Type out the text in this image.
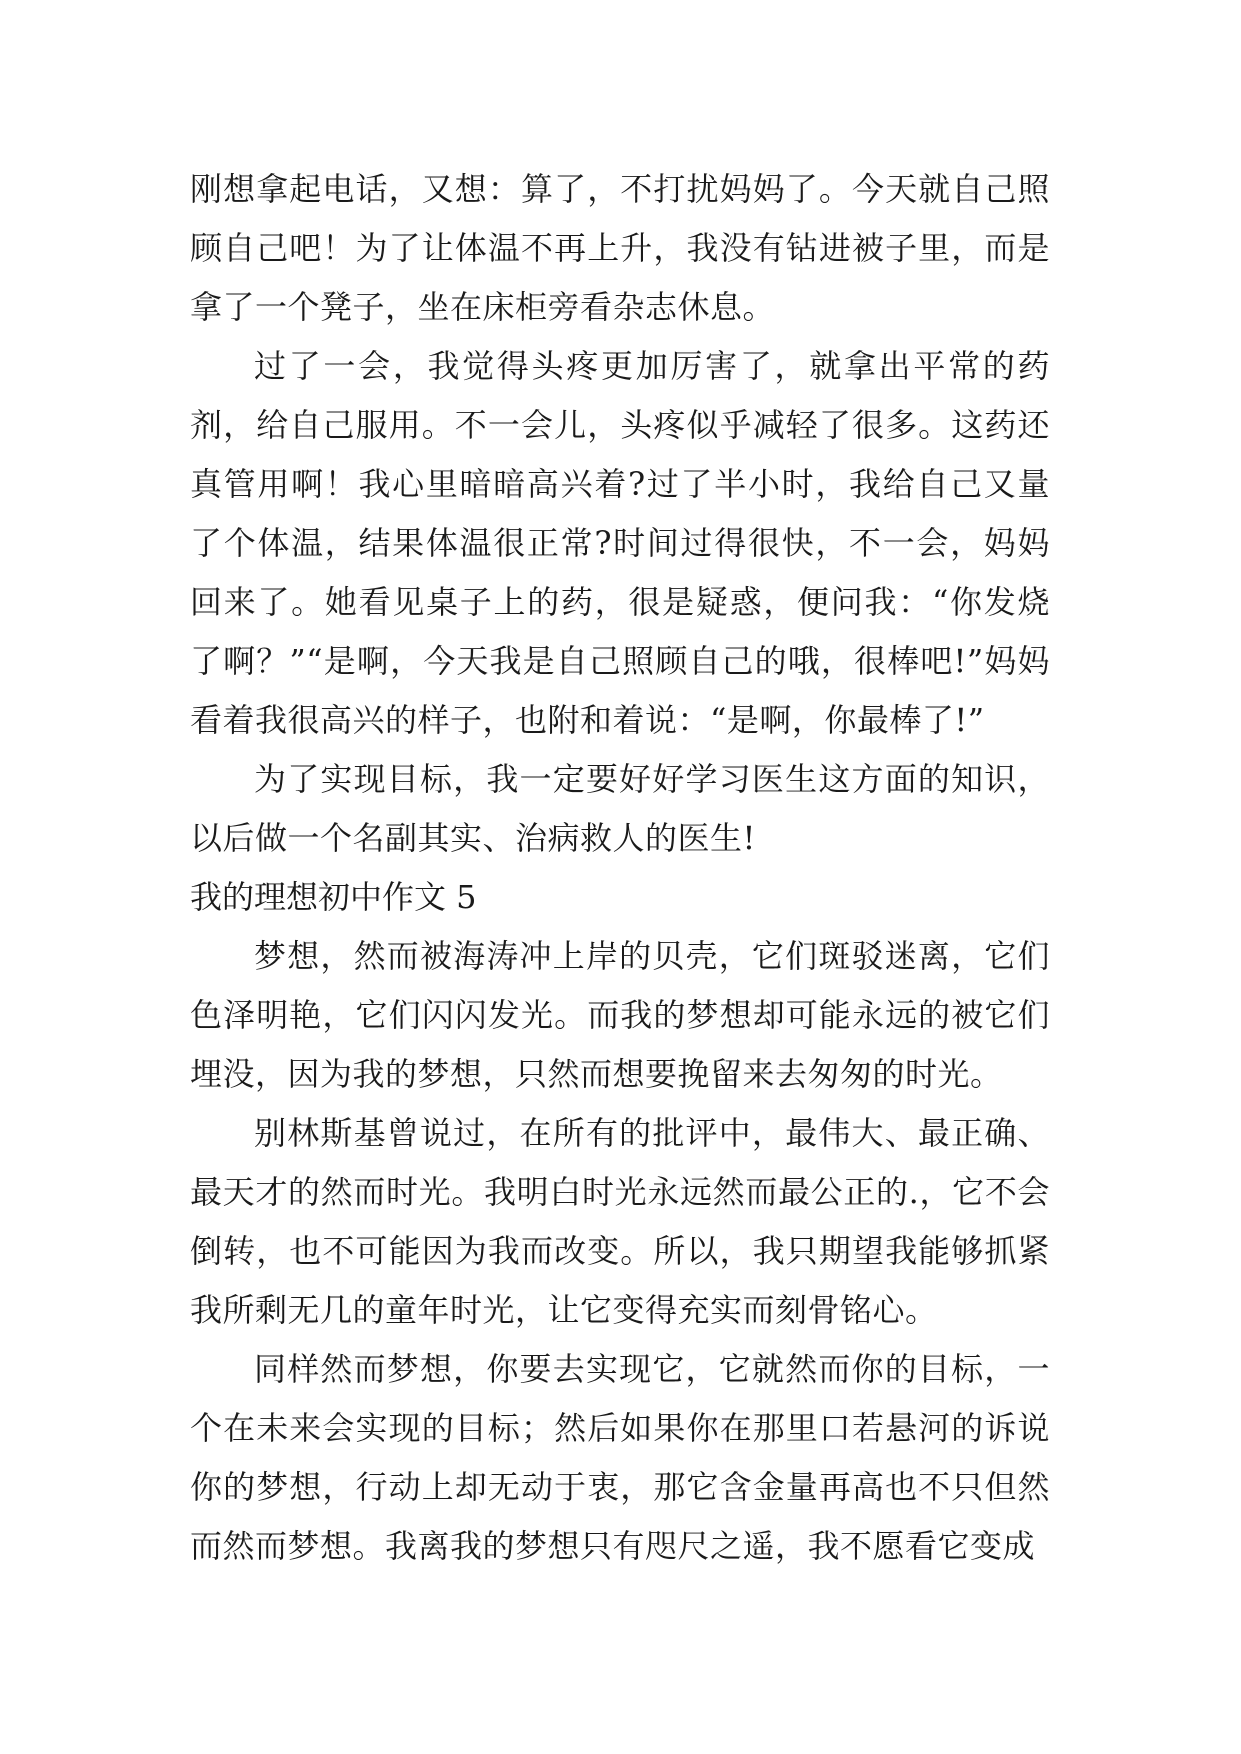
刚想拿起电话，又想：算了，不打扰妈妈了。今天就自己照顾自己吧！为了让体温不再上升，我没有钻进被子里，而是拿了一个凳子，坐在床柜旁看杂志休息。

过了一会，我觉得头疼更加厉害了，就拿出平常的药剂，给自己服用。不一会儿，头疼似乎减轻了很多。这药还真管用啊！我心里暗暗高兴着?过了半小时，我给自己又量了个体温，结果体温很正常?时间过得很快，不一会，妈妈回来了。她看见桌子上的药，很是疑惑，便问我：“你发烧了啊？”“是啊，今天我是自己照顾自己的哦，很棒吧!”妈妈看着我很高兴的样子，也附和着说：“是啊，你最棒了!”

为了实现目标，我一定要好好学习医生这方面的知识，以后做一个名副其实、治病救人的医生!

我的理想初中作文 5

梦想，然而被海涛冲上岸的贝壳，它们斑驳迷离，它们色泽明艳，它们闪闪发光。而我的梦想却可能永远的被它们埋没，因为我的梦想，只然而想要挽留来去匆匆的时光。

别林斯基曾说过，在所有的批评中，最伟大、最正确、最天才的然而时光。我明白时光永远然而最公正的.，它不会倒转，也不可能因为我而改变。所以，我只期望我能够抓紧我所剩无几的童年时光，让它变得充实而刻骨铭心。

同样然而梦想，你要去实现它，它就然而你的目标，一个在未来会实现的目标；然后如果你在那里口若悬河的诉说你的梦想，行动上却无动于衷，那它含金量再高也不只但然而然而梦想。我离我的梦想只有咫尺之遥，我不愿看它变成
